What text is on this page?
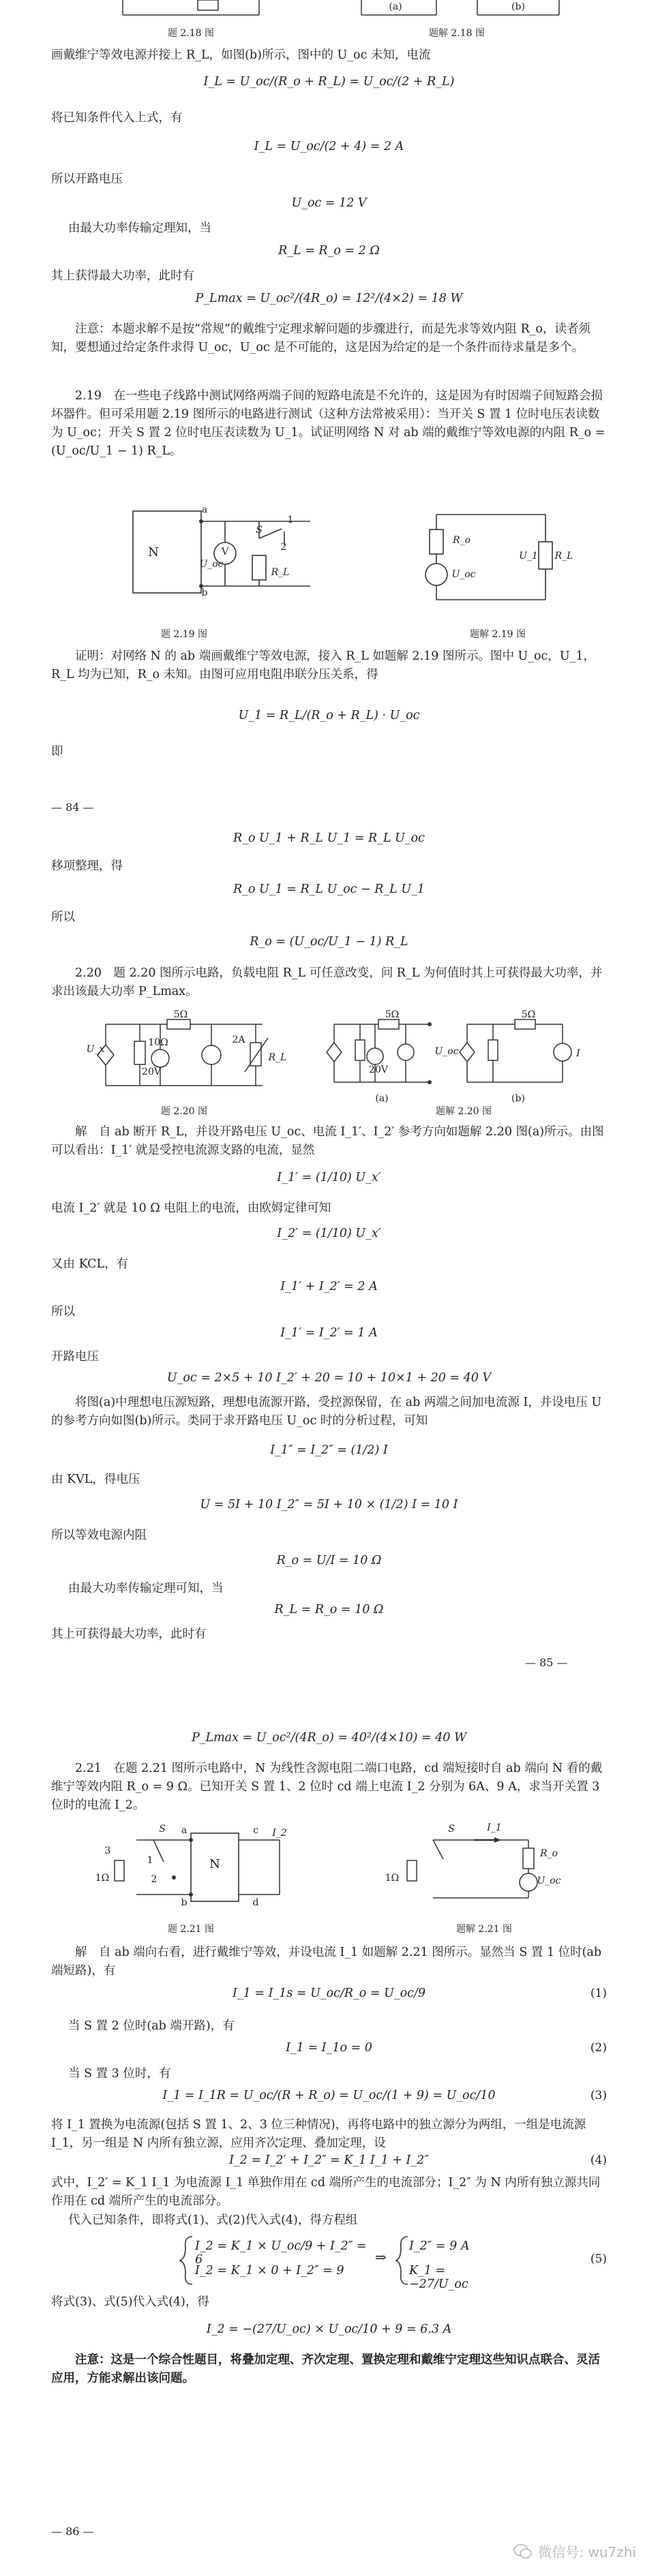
题 2.18 图
(a)	(b)
题解 2.18 图
画戴维宁等效电源并接上 R_L，如图(b)所示，图中的 U_oc 未知，电流
I_L = U_oc/(R_o + R_L) = U_oc/(2 + R_L)
将已知条件代入上式，有
I_L = U_oc/(2 + 4) = 2 A
所以开路电压
U_oc = 12 V
由最大功率传输定理知，当
R_L = R_o = 2 Ω
其上获得最大功率，此时有
P_Lmax = U_oc²/(4R_o) = 12²/(4×2) = 18 W
注意：本题求解不是按“常规”的戴维宁定理求解问题的步骤进行，而是先求等效内阻 R_o，读者须知，要想通过给定条件求得 U_oc，U_oc 是不可能的，这是因为给定的是一个条件而待求量是多个。
2.19　在一些电子线路中测试网络两端子间的短路电流是不允许的，这是因为有时因端子间短路会损坏器件。但可采用题 2.19 图所示的电路进行测试（这种方法常被采用）：当开关 S 置 1 位时电压表读数为 U_oc；开关 S 置 2 位时电压表读数为 U_1。试证明网络 N 对 ab 端的戴维宁等效电源的内阻 R_o = (U_oc/U_1 − 1) R_L。
N
a
b
V
U_oc
S
1
2
R_L
题 2.19 图
R_o
U_oc
U_1 R_L
题解 2.19 图
证明：对网络 N 的 ab 端画戴维宁等效电源，接入 R_L 如题解 2.19 图所示。图中 U_oc，U_1，R_L 均为已知，R_o 未知。由图可应用电阻串联分压关系，得
U_1 = R_L/(R_o + R_L) · U_oc
即
— 84 —
R_o U_1 + R_L U_1 = R_L U_oc
移项整理，得
R_o U_1 = R_L U_oc − R_L U_1
所以
R_o = (U_oc/U_1 − 1) R_L
2.20　题 2.20 图所示电路，负载电阻 R_L 可任意改变，问 R_L 为何值时其上可获得最大功率，并求出该最大功率 P_Lmax。
5Ω
U_x
10Ω
20V
2A
R_L
题 2.20 图
5Ω
20V
U_oc
(a)
5Ω
I
(b)
题解 2.20 图
解　自 ab 断开 R_L，并设开路电压 U_oc、电流 I_1′、I_2′ 参考方向如题解 2.20 图(a)所示。由图可以看出：I_1′ 就是受控电流源支路的电流，显然
I_1′ = (1/10) U_x′
电流 I_2′ 就是 10 Ω 电阻上的电流，由欧姆定律可知
I_2′ = (1/10) U_x′
又由 KCL，有
I_1′ + I_2′ = 2 A
所以
I_1′ = I_2′ = 1 A
开路电压
U_oc = 2×5 + 10 I_2′ + 20 = 10 + 10×1 + 20 = 40 V
将图(a)中理想电压源短路，理想电流源开路，受控源保留，在 ab 两端之间加电流源 I，并设电压 U 的参考方向如图(b)所示。类同于求开路电压 U_oc 时的分析过程，可知
I_1″ = I_2″ = (1/2) I
由 KVL，得电压
U = 5I + 10 I_2″ = 5I + 10 × (1/2) I = 10 I
所以等效电源内阻
R_o = U/I = 10 Ω
由最大功率传输定理可知，当
R_L = R_o = 10 Ω
其上可获得最大功率，此时有
— 85 —
P_Lmax = U_oc²/(4R_o) = 40²/(4×10) = 40 W
2.21　在题 2.21 图所示电路中，N 为线性含源电阻二端口电路，cd 端短接时自 ab 端向 N 看的戴维宁等效内阻 R_o = 9 Ω。已知开关 S 置 1、2 位时 cd 端上电流 I_2 分别为 6A、9 A，求当开关置 3 位时的电流 I_2。
N
S	a
b
3
1
2
1Ω
c
d
I_2
题 2.21 图
S	I_1
R_o
U_oc
1Ω
题解 2.21 图
解　自 ab 端向右看，进行戴维宁等效，并设电流 I_1 如题解 2.21 图所示。显然当 S 置 1 位时(ab 端短路)，有
I_1 = I_1s = U_oc/R_o = U_oc/9	(1)
当 S 置 2 位时(ab 端开路)，有
I_1 = I_1o = 0	(2)
当 S 置 3 位时，有
I_1 = I_1R = U_oc/(R + R_o) = U_oc/(1 + 9) = U_oc/10	(3)
将 I_1 置换为电流源(包括 S 置 1、2、3 位三种情况)，再将电路中的独立源分为两组，一组是电流源 I_1，另一组是 N 内所有独立源，应用齐次定理、叠加定理，设
I_2 = I_2′ + I_2″ = K_1 I_1 + I_2″	(4)
式中，I_2′ = K_1 I_1 为电流源 I_1 单独作用在 cd 端所产生的电流部分；I_2″ 为 N 内所有独立源共同作用在 cd 端所产生的电流部分。
代入已知条件，即将式(1)、式(2)代入式(4)，得方程组
I_2 = K_1 × U_oc/9 + I_2″ = 6
I_2 = K_1 × 0 + I_2″ = 9
⇒
I_2″ = 9 A
K_1 = −27/U_oc
(5)
将式(3)、式(5)代入式(4)，得
I_2 = −(27/U_oc) × U_oc/10 + 9 = 6.3 A
注意：这是一个综合性题目，将叠加定理、齐次定理、置换定理和戴维宁定理这些知识点联合、灵活应用，方能求解出该问题。
— 86 —
微信号: wu7zhi
